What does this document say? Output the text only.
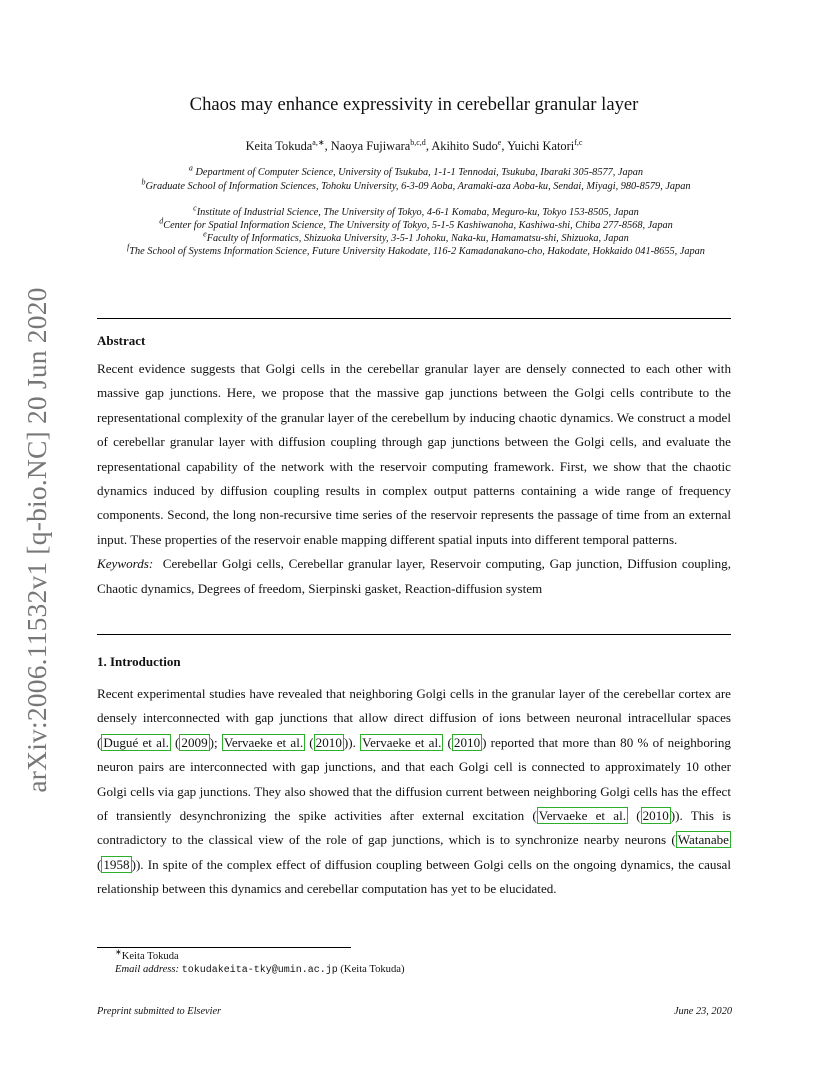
arXiv:2006.11532v1 [q-bio.NC] 20 Jun 2020
Chaos may enhance expressivity in cerebellar granular layer
Keita Tokuda$^{a,∗}$, Naoya Fujiwara$^{b,c,d}$, Akihito Sudo$^e$, Yuichi Katori$^{f,c}$
$^a$ Department of Computer Science, University of Tsukuba, 1-1-1 Tennodai, Tsukuba, Ibaraki 305-8577, Japan
$^b$Graduate School of Information Sciences, Tohoku University, 6-3-09 Aoba, Aramaki-aza Aoba-ku, Sendai, Miyagi, 980-8579, Japan
$^c$Institute of Industrial Science, The University of Tokyo, 4-6-1 Komaba, Meguro-ku, Tokyo 153-8505, Japan
$^d$Center for Spatial Information Science, The University of Tokyo, 5-1-5 Kashiwanoha, Kashiwa-shi, Chiba 277-8568, Japan
$^e$Faculty of Informatics, Shizuoka University, 3-5-1 Johoku, Naka-ku, Hamamatsu-shi, Shizuoka, Japan
$^f$The School of Systems Information Science, Future University Hakodate, 116-2 Kamadanakano-cho, Hakodate, Hokkaido 041-8655, Japan
Abstract

Recent evidence suggests that Golgi cells in the cerebellar granular layer are densely connected to each other with massive gap junctions. Here, we propose that the massive gap junctions between the Golgi cells contribute to the representational complexity of the granular layer of the cerebellum by inducing chaotic dynamics. We construct a model of cerebellar granular layer with diffusion coupling through gap junctions between the Golgi cells, and evaluate the representational capability of the network with the reservoir computing framework. First, we show that the chaotic dynamics induced by diffusion coupling results in complex output patterns containing a wide range of frequency components. Second, the long non-recursive time series of the reservoir represents the passage of time from an external input. These properties of the reservoir enable mapping different spatial inputs into different temporal patterns.

Keywords: Cerebellar Golgi cells, Cerebellar granular layer, Reservoir computing, Gap junction, Diffusion coupling, Chaotic dynamics, Degrees of freedom, Sierpinski gasket, Reaction-diffusion system

1. Introduction

Recent experimental studies have revealed that neighboring Golgi cells in the granular layer of the cerebellar cortex are densely interconnected with gap junctions that allow direct diffusion of ions between neuronal intracellular spaces ( Dugué et al. ( 2009 ); Vervaeke et al. ( 2010 )). Vervaeke et al. ( 2010 ) reported that more than 80 % of neighboring neuron pairs are interconnected with gap junctions, and that each Golgi cell is connected to approximately 10 other Golgi cells via gap junctions. They also showed that the diffusion current between neighboring Golgi cells has the effect of transiently desynchronizing the spike activities after external excitation ( Vervaeke et al. ( 2010 )). This is contradictory to the classical view of the role of gap junctions, which is to synchronize nearby neurons ( Watanabe ( 1958 )). In spite of the complex effect of diffusion coupling between Golgi cells on the ongoing dynamics, the causal relationship between this dynamics and cerebellar computation has yet to be elucidated.

∗Keita Tokuda
Email address: tokudakeita-tky@umin.ac.jp (Keita Tokuda)
Preprint submitted to Elsevier	June 23, 2020
